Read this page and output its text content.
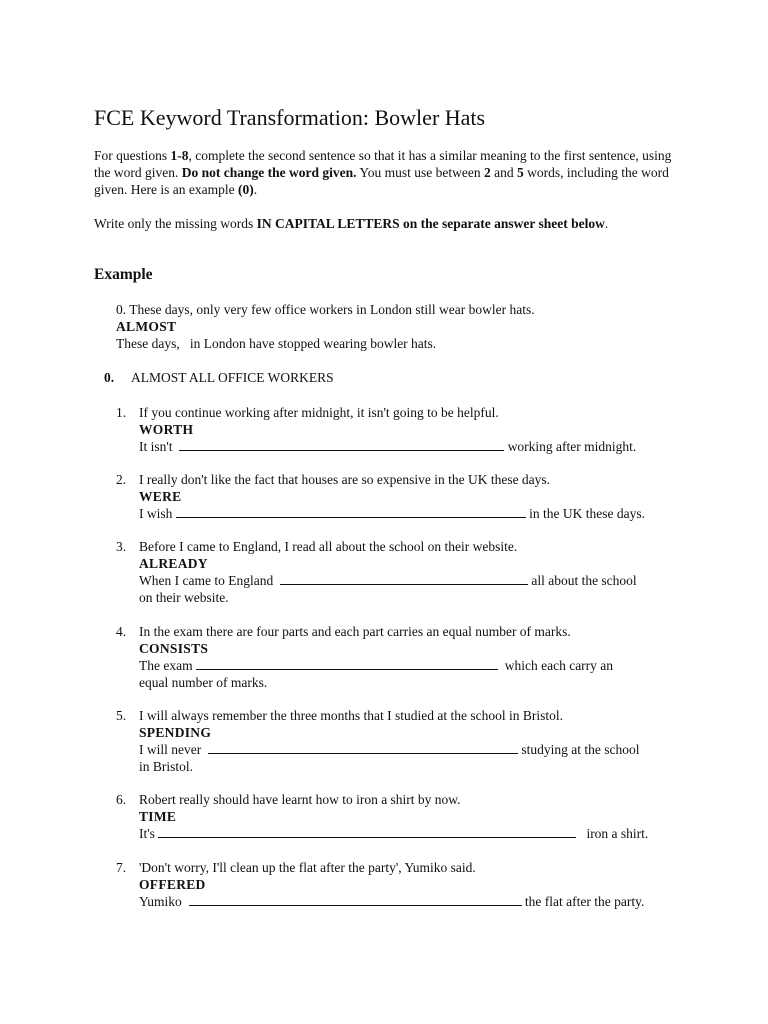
FCE Keyword Transformation: Bowler Hats

For questions 1-8, complete the second sentence so that it has a similar meaning to the first sentence, using the word given. Do not change the word given. You must use between 2 and 5 words, including the word given. Here is an example (0).

Write only the missing words IN CAPITAL LETTERS on the separate answer sheet below.

Example
0. These days, only very few office workers in London still wear bowler hats.
ALMOST
These days, in London have stopped wearing bowler hats.
0. ALMOST ALL OFFICE WORKERS
1. If you continue working after midnight, it isn't going to be helpful.
WORTH
It isn't	working after midnight.
2. I really don't like the fact that houses are so expensive in the UK these days.
WERE
I wish	in the UK these days.
3. Before I came to England, I read all about the school on their website.
ALREADY
When I came to England	all about the school
on their website.
4. In the exam there are four parts and each part carries an equal number of marks.
CONSISTS
The exam	which each carry an
equal number of marks.
5. I will always remember the three months that I studied at the school in Bristol.
SPENDING
I will never	studying at the school
in Bristol.
6. Robert really should have learnt how to iron a shirt by now.
TIME
It's	iron a shirt.
7. 'Don't worry, I'll clean up the flat after the party', Yumiko said.
OFFERED
Yumiko	the flat after the party.
